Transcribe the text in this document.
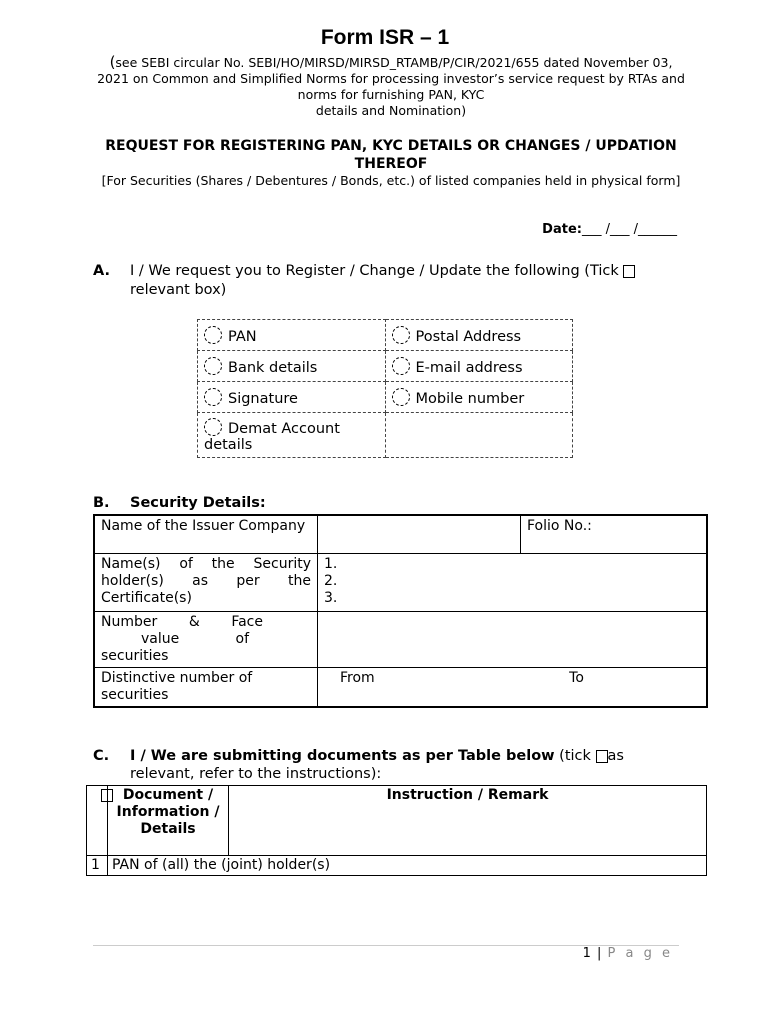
Form ISR – 1
(see SEBI circular No. SEBI/HO/MIRSD/MIRSD_RTAMB/P/CIR/2021/655 dated November 03, 2021 on Common and Simplified Norms for processing investor’s service request by RTAs and norms for furnishing PAN, KYC
details and Nomination)
REQUEST FOR REGISTERING PAN, KYC DETAILS OR CHANGES / UPDATION THEREOF
[For Securities (Shares / Debentures / Bonds, etc.) of listed companies held in physical form]
Date:___ /___ /______
A. I / We request you to Register / Change / Update the following (Tick
relevant box)
PAN	Postal Address
Bank details	E-mail address
Signature	Mobile number
Demat Account details	
B. Security Details:
Name of the Issuer Company		Folio No.:
Name(s) of the Security holder(s) as per the Certificate(s)	1.
2.
3.	

Number & Face
value of
securities		

Distinctive number of securities	From To	
C. I / We are submitting documents as per Table below (tick as relevant, refer to the instructions):

Document / Information / Details	Instruction / Remark
1	PAN of (all) the (joint) holder(s)	
1 | P a g e
